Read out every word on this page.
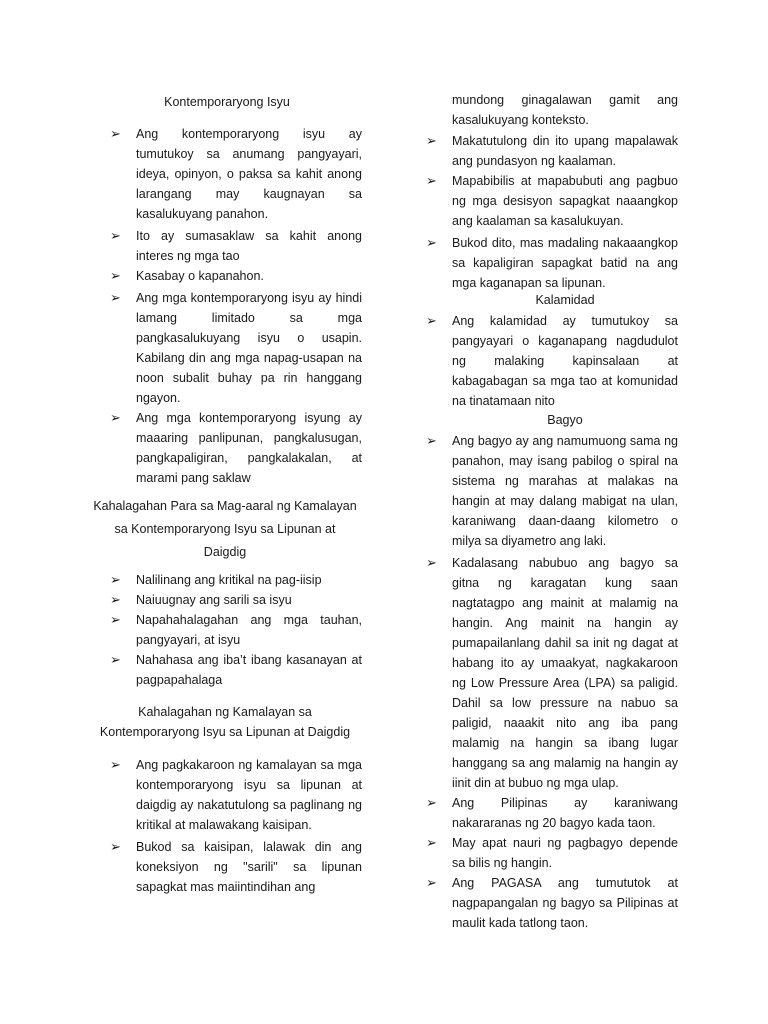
Kontemporaryong Isyu

➢ Ang kontemporaryong isyu ay tumutukoy sa anumang pangyayari, ideya, opinyon, o paksa sa kahit anong larangang may kaugnayan sa kasalukuyang panahon.
➢ Ito ay sumasaklaw sa kahit anong interes ng mga tao
➢ Kasabay o kapanahon.
➢ Ang mga kontemporaryong isyu ay hindi lamang limitado sa mga pangkasalukuyang isyu o usapin. Kabilang din ang mga napag-usapan na noon subalit buhay pa rin hanggang ngayon.
➢ Ang mga kontemporaryong isyung ay maaaring panlipunan, pangkalusugan, pangkapaligiran, pangkalakalan, at marami pang saklaw

Kahalagahan Para sa Mag-aaral ng Kamalayan

sa Kontemporaryong Isyu sa Lipunan at

Daigdig

➢ Nalilinang ang kritikal na pag-iisip
➢ Naiuugnay ang sarili sa isyu
➢ Napahahalagahan ang mga tauhan, pangyayari, at isyu
➢ Nahahasa ang iba’t ibang kasanayan at pagpapahalaga

Kahalagahan ng Kamalayan sa

Kontemporaryong Isyu sa Lipunan at Daigdig

➢ Ang pagkakaroon ng kamalayan sa mga kontemporaryong isyu sa lipunan at daigdig ay nakatutulong sa paglinang ng kritikal at malawakang kaisipan.
➢ Bukod sa kaisipan, lalawak din ang koneksiyon ng "sarili" sa lipunan sapagkat mas maiintindihan ang

mundong ginagalawan gamit ang kasalukuyang konteksto.

➢ Makatutulong din ito upang mapalawak ang pundasyon ng kaalaman.
➢ Mapabibilis at mapabubuti ang pagbuo ng mga desisyon sapagkat naaangkop ang kaalaman sa kasalukuyan.
➢ Bukod dito, mas madaling nakaaangkop sa kapaligiran sapagkat batid na ang mga kaganapan sa lipunan.

Kalamidad

➢ Ang kalamidad ay tumutukoy sa pangyayari o kaganapang nagdudulot ng malaking kapinsalaan at kabagabagan sa mga tao at komunidad na tinatamaan nito

Bagyo

➢ Ang bagyo ay ang namumuong sama ng panahon, may isang pabilog o spiral na sistema ng marahas at malakas na hangin at may dalang mabigat na ulan, karaniwang daan-daang kilometro o milya sa diyametro ang laki.
➢ Kadalasang nabubuo ang bagyo sa gitna ng karagatan kung saan nagtatagpo ang mainit at malamig na hangin. Ang mainit na hangin ay pumapailanlang dahil sa init ng dagat at habang ito ay umaakyat, nagkakaroon ng Low Pressure Area (LPA) sa paligid. Dahil sa low pressure na nabuo sa paligid, naaakit nito ang iba pang malamig na hangin sa ibang lugar hanggang sa ang malamig na hangin ay iinit din at bubuo ng mga ulap.
➢ Ang Pilipinas ay karaniwang nakararanas ng 20 bagyo kada taon.
➢ May apat nauri ng pagbagyo depende sa bilis ng hangin.
➢ Ang PAGASA ang tumututok at nagpapangalan ng bagyo sa Pilipinas at maulit kada tatlong taon.
